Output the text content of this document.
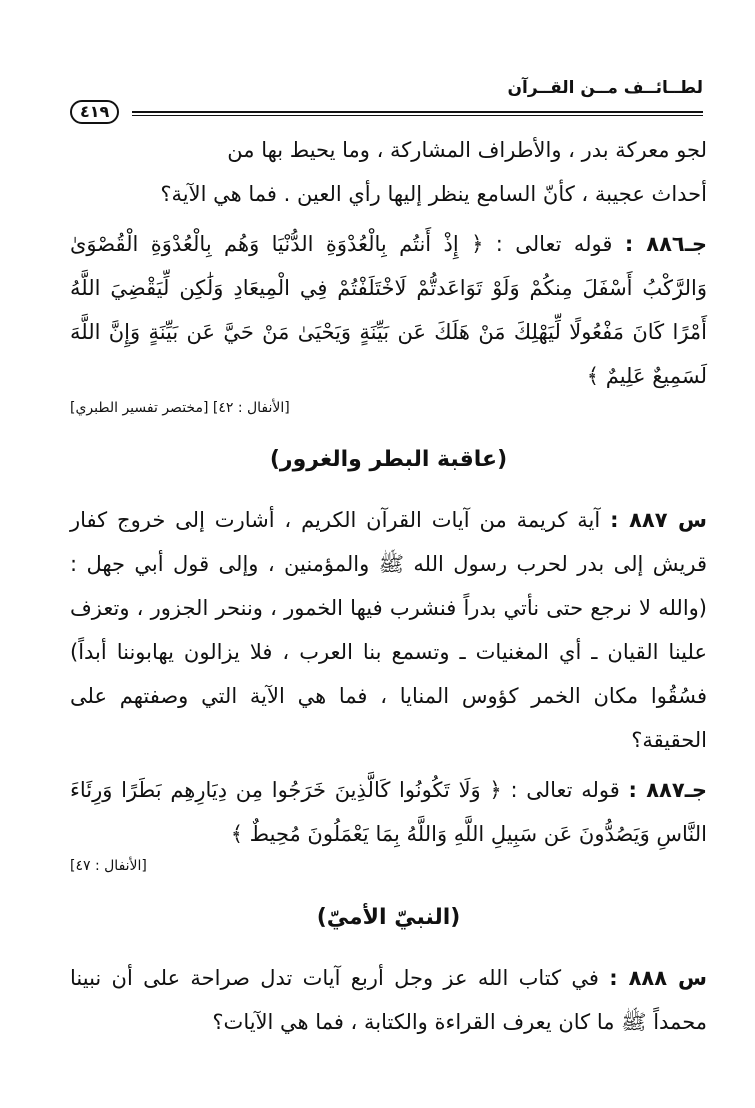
لطــائــف مــن القــرآن
٤١٩

لجو معركة بدر ، والأطراف المشاركة ، وما يحيط بها من
أحداث عجيبة ، كأنّ السامع ينظر إليها رأي العين . فما هي الآية؟

جـ٨٨٦ : قوله تعالى : ﴿ إِذْ أَنتُم بِالْعُدْوَةِ الدُّنْيَا وَهُم بِالْعُدْوَةِ الْقُصْوَىٰ وَالرَّكْبُ أَسْفَلَ مِنكُمْ وَلَوْ تَوَاعَدتُّمْ لَاخْتَلَفْتُمْ فِي الْمِيعَادِ وَلَٰكِن لِّيَقْضِيَ اللَّهُ أَمْرًا كَانَ مَفْعُولًا لِّيَهْلِكَ مَنْ هَلَكَ عَن بَيِّنَةٍ وَيَحْيَىٰ مَنْ حَيَّ عَن بَيِّنَةٍ وَإِنَّ اللَّهَ لَسَمِيعٌ عَلِيمٌ ﴾

[الأنفال : ٤٢] [مختصر تفسير الطبري]

(عاقبة البطر والغرور)
س ٨٨٧ : آية كريمة من آيات القرآن الكريم ، أشارت إلى خروج كفار قريش إلى بدر لحرب رسول الله ﷺ والمؤمنين ، وإلى قول أبي جهل : (والله لا نرجع حتى نأتي بدراً فنشرب فيها الخمور ، وننحر الجزور ، وتعزف علينا القيان ـ أي المغنيات ـ وتسمع بنا العرب ، فلا يزالون يهابوننا أبداً) فسُقُوا مكان الخمر كؤوس المنايا ، فما هي الآية التي وصفتهم على الحقيقة؟
جـ٨٨٧ : قوله تعالى : ﴿ وَلَا تَكُونُوا كَالَّذِينَ خَرَجُوا مِن دِيَارِهِم بَطَرًا وَرِئَاءَ النَّاسِ وَيَصُدُّونَ عَن سَبِيلِ اللَّهِ وَاللَّهُ بِمَا يَعْمَلُونَ مُحِيطٌ ﴾

[الأنفال : ٤٧]

(النبيّ الأميّ)
س ٨٨٨ : في كتاب الله عز وجل أربع آيات تدل صراحة على أن نبينا محمداً ﷺ ما كان يعرف القراءة والكتابة ، فما هي الآيات؟
